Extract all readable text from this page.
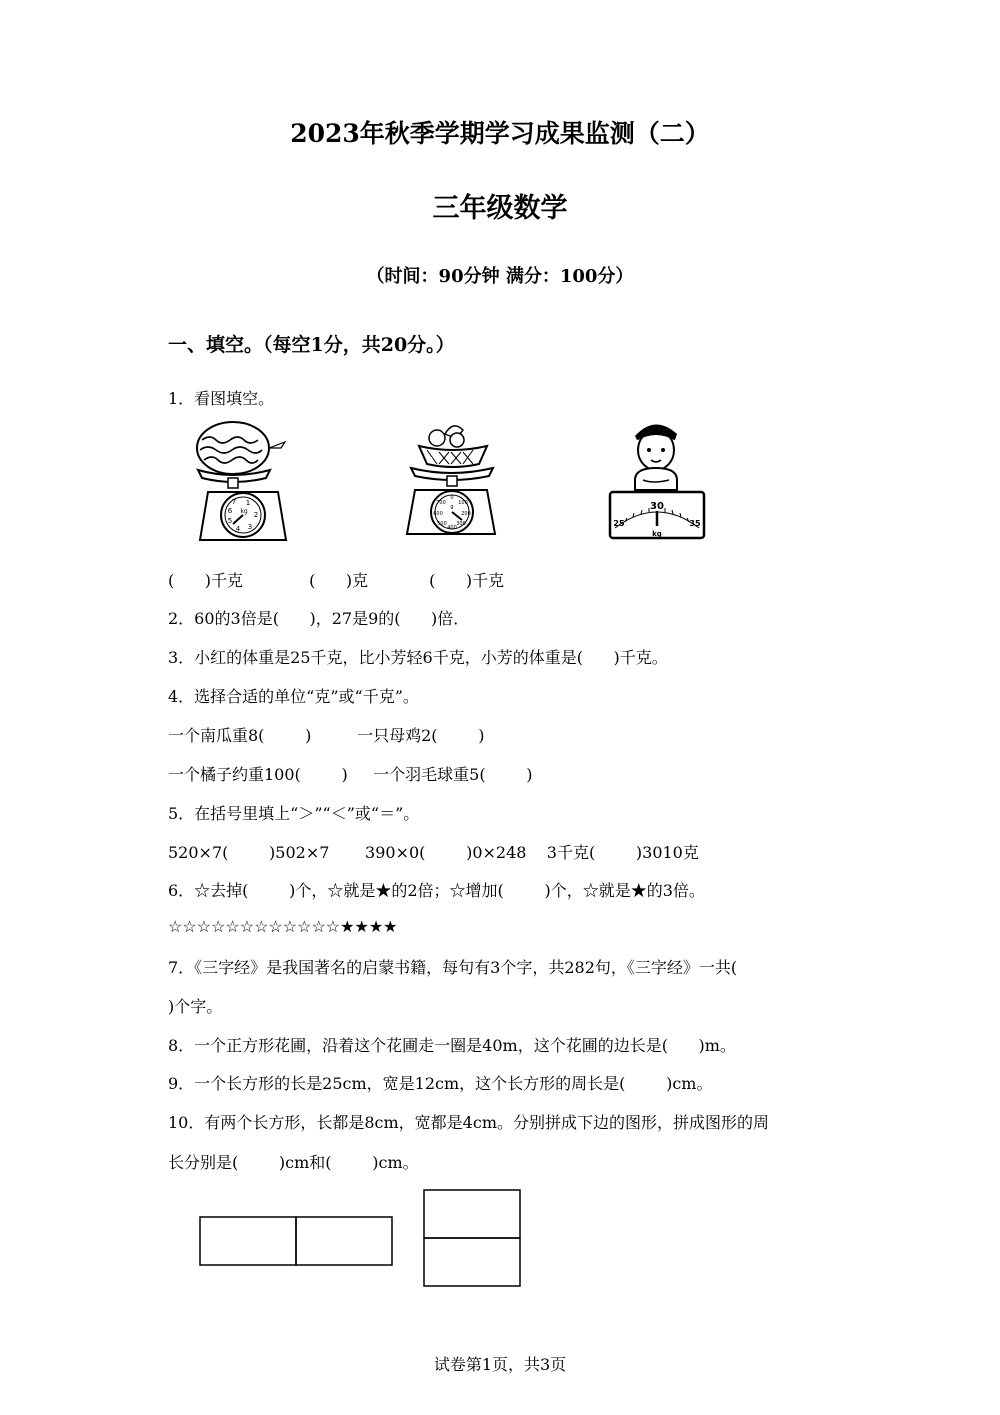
2023年秋季学期学习成果监测（二）
三年级数学
（时间：90分钟 满分：100分）
一、填空。（每空1分，共20分。）
1．看图填空。
1
2
3
4
5
6
7
kg
0
100
200
300
400
500
600
700
g	30
25	35
kg
(      )千克             (      )克            (      )千克
2．60的3倍是(      )，27是9的(      )倍．
3．小红的体重是25千克，比小芳轻6千克，小芳的体重是(      )千克。
4．选择合适的单位“克”或“千克”。
一个南瓜重8(        )         一只母鸡2(        )
一个橘子约重100(        )     一个羽毛球重5(        )
5．在括号里填上“＞”“＜”或“＝”。
520×7(        )502×7       390×0(        )0×248    3千克(        )3010克
6．☆去掉(        )个，☆就是★的2倍；☆增加(        )个，☆就是★的3倍。
☆☆☆☆☆☆☆☆☆☆☆☆★★★★
7．《三字经》是我国著名的启蒙书籍，每句有3个字，共282句，《三字经》一共(
)个字。
8．一个正方形花圃，沿着这个花圃走一圈是40m，这个花圃的边长是(      )m。
9．一个长方形的长是25cm，宽是12cm，这个长方形的周长是(        )cm。
10．有两个长方形，长都是8cm，宽都是4cm。分别拼成下边的图形，拼成图形的周
长分别是(        )cm和(        )cm。
试卷第1页，共3页
